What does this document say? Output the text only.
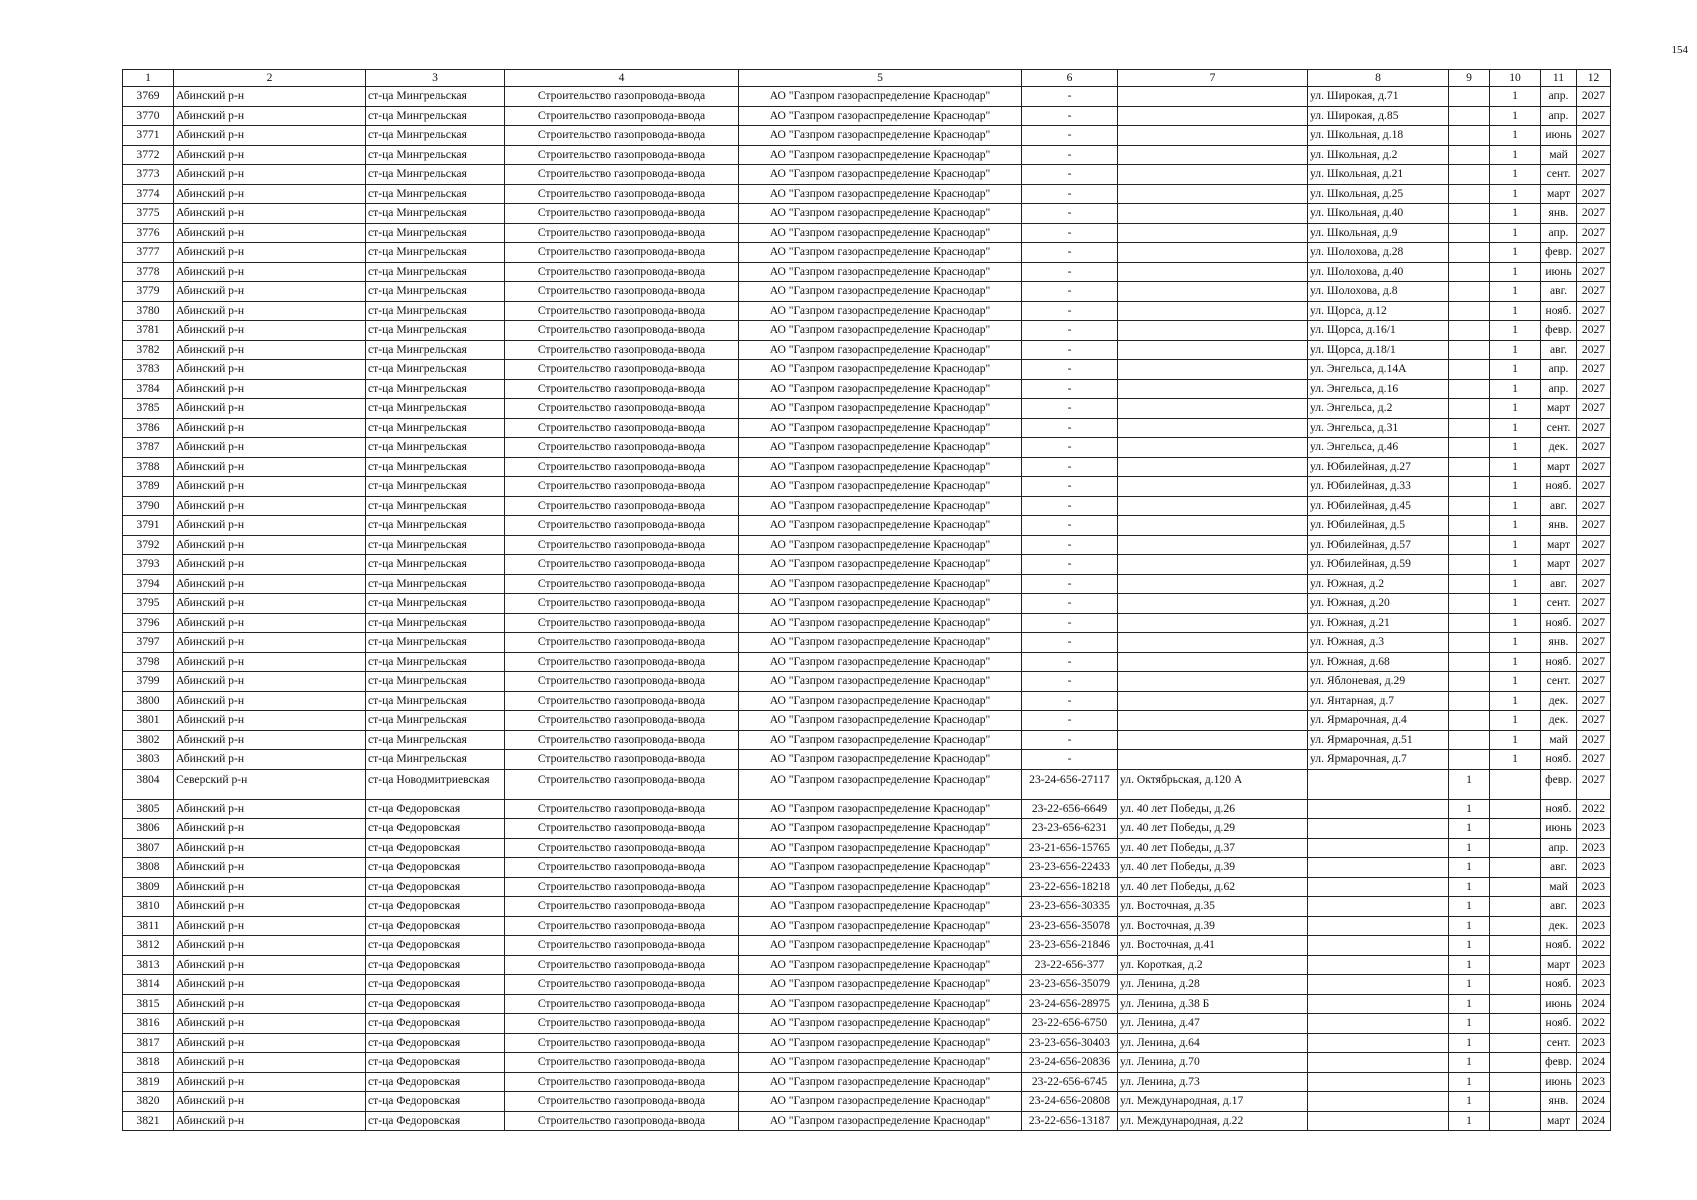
154
1	2	3	4	5	6	7	8	9	10	11	12
3769	Абинский р-н	ст-ца Мингрельская	Строительство газопровода-ввода	АО "Газпром газораспределение Краснодар"	-		ул. Широкая, д.71		1	апр.	2027
3770	Абинский р-н	ст-ца Мингрельская	Строительство газопровода-ввода	АО "Газпром газораспределение Краснодар"	-		ул. Широкая, д.85		1	апр.	2027
3771	Абинский р-н	ст-ца Мингрельская	Строительство газопровода-ввода	АО "Газпром газораспределение Краснодар"	-		ул. Школьная, д.18		1	июнь	2027
3772	Абинский р-н	ст-ца Мингрельская	Строительство газопровода-ввода	АО "Газпром газораспределение Краснодар"	-		ул. Школьная, д.2		1	май	2027
3773	Абинский р-н	ст-ца Мингрельская	Строительство газопровода-ввода	АО "Газпром газораспределение Краснодар"	-		ул. Школьная, д.21		1	сент.	2027
3774	Абинский р-н	ст-ца Мингрельская	Строительство газопровода-ввода	АО "Газпром газораспределение Краснодар"	-		ул. Школьная, д.25		1	март	2027
3775	Абинский р-н	ст-ца Мингрельская	Строительство газопровода-ввода	АО "Газпром газораспределение Краснодар"	-		ул. Школьная, д.40		1	янв.	2027
3776	Абинский р-н	ст-ца Мингрельская	Строительство газопровода-ввода	АО "Газпром газораспределение Краснодар"	-		ул. Школьная, д.9		1	апр.	2027
3777	Абинский р-н	ст-ца Мингрельская	Строительство газопровода-ввода	АО "Газпром газораспределение Краснодар"	-		ул. Шолохова, д.28		1	февр.	2027
3778	Абинский р-н	ст-ца Мингрельская	Строительство газопровода-ввода	АО "Газпром газораспределение Краснодар"	-		ул. Шолохова, д.40		1	июнь	2027
3779	Абинский р-н	ст-ца Мингрельская	Строительство газопровода-ввода	АО "Газпром газораспределение Краснодар"	-		ул. Шолохова, д.8		1	авг.	2027
3780	Абинский р-н	ст-ца Мингрельская	Строительство газопровода-ввода	АО "Газпром газораспределение Краснодар"	-		ул. Щорса, д.12		1	нояб.	2027
3781	Абинский р-н	ст-ца Мингрельская	Строительство газопровода-ввода	АО "Газпром газораспределение Краснодар"	-		ул. Щорса, д.16/1		1	февр.	2027
3782	Абинский р-н	ст-ца Мингрельская	Строительство газопровода-ввода	АО "Газпром газораспределение Краснодар"	-		ул. Щорса, д.18/1		1	авг.	2027
3783	Абинский р-н	ст-ца Мингрельская	Строительство газопровода-ввода	АО "Газпром газораспределение Краснодар"	-		ул. Энгельса, д.14А		1	апр.	2027
3784	Абинский р-н	ст-ца Мингрельская	Строительство газопровода-ввода	АО "Газпром газораспределение Краснодар"	-		ул. Энгельса, д.16		1	апр.	2027
3785	Абинский р-н	ст-ца Мингрельская	Строительство газопровода-ввода	АО "Газпром газораспределение Краснодар"	-		ул. Энгельса, д.2		1	март	2027
3786	Абинский р-н	ст-ца Мингрельская	Строительство газопровода-ввода	АО "Газпром газораспределение Краснодар"	-		ул. Энгельса, д.31		1	сент.	2027
3787	Абинский р-н	ст-ца Мингрельская	Строительство газопровода-ввода	АО "Газпром газораспределение Краснодар"	-		ул. Энгельса, д.46		1	дек.	2027
3788	Абинский р-н	ст-ца Мингрельская	Строительство газопровода-ввода	АО "Газпром газораспределение Краснодар"	-		ул. Юбилейная, д.27		1	март	2027
3789	Абинский р-н	ст-ца Мингрельская	Строительство газопровода-ввода	АО "Газпром газораспределение Краснодар"	-		ул. Юбилейная, д.33		1	нояб.	2027
3790	Абинский р-н	ст-ца Мингрельская	Строительство газопровода-ввода	АО "Газпром газораспределение Краснодар"	-		ул. Юбилейная, д.45		1	авг.	2027
3791	Абинский р-н	ст-ца Мингрельская	Строительство газопровода-ввода	АО "Газпром газораспределение Краснодар"	-		ул. Юбилейная, д.5		1	янв.	2027
3792	Абинский р-н	ст-ца Мингрельская	Строительство газопровода-ввода	АО "Газпром газораспределение Краснодар"	-		ул. Юбилейная, д.57		1	март	2027
3793	Абинский р-н	ст-ца Мингрельская	Строительство газопровода-ввода	АО "Газпром газораспределение Краснодар"	-		ул. Юбилейная, д.59		1	март	2027
3794	Абинский р-н	ст-ца Мингрельская	Строительство газопровода-ввода	АО "Газпром газораспределение Краснодар"	-		ул. Южная, д.2		1	авг.	2027
3795	Абинский р-н	ст-ца Мингрельская	Строительство газопровода-ввода	АО "Газпром газораспределение Краснодар"	-		ул. Южная, д.20		1	сент.	2027
3796	Абинский р-н	ст-ца Мингрельская	Строительство газопровода-ввода	АО "Газпром газораспределение Краснодар"	-		ул. Южная, д.21		1	нояб.	2027
3797	Абинский р-н	ст-ца Мингрельская	Строительство газопровода-ввода	АО "Газпром газораспределение Краснодар"	-		ул. Южная, д.3		1	янв.	2027
3798	Абинский р-н	ст-ца Мингрельская	Строительство газопровода-ввода	АО "Газпром газораспределение Краснодар"	-		ул. Южная, д.68		1	нояб.	2027
3799	Абинский р-н	ст-ца Мингрельская	Строительство газопровода-ввода	АО "Газпром газораспределение Краснодар"	-		ул. Яблоневая, д.29		1	сент.	2027
3800	Абинский р-н	ст-ца Мингрельская	Строительство газопровода-ввода	АО "Газпром газораспределение Краснодар"	-		ул. Янтарная, д.7		1	дек.	2027
3801	Абинский р-н	ст-ца Мингрельская	Строительство газопровода-ввода	АО "Газпром газораспределение Краснодар"	-		ул. Ярмарочная, д.4		1	дек.	2027
3802	Абинский р-н	ст-ца Мингрельская	Строительство газопровода-ввода	АО "Газпром газораспределение Краснодар"	-		ул. Ярмарочная, д.51		1	май	2027
3803	Абинский р-н	ст-ца Мингрельская	Строительство газопровода-ввода	АО "Газпром газораспределение Краснодар"	-		ул. Ярмарочная, д.7		1	нояб.	2027
3804	Северский р-н	ст-ца Новодмитриевская	Строительство газопровода-ввода	АО "Газпром газораспределение Краснодар"	23-24-656-27117	ул. Октябрьская, д.120 А		1		февр.	2027
3805	Абинский р-н	ст-ца Федоровская	Строительство газопровода-ввода	АО "Газпром газораспределение Краснодар"	23-22-656-6649	ул. 40 лет Победы, д.26		1		нояб.	2022
3806	Абинский р-н	ст-ца Федоровская	Строительство газопровода-ввода	АО "Газпром газораспределение Краснодар"	23-23-656-6231	ул. 40 лет Победы, д.29		1		июнь	2023
3807	Абинский р-н	ст-ца Федоровская	Строительство газопровода-ввода	АО "Газпром газораспределение Краснодар"	23-21-656-15765	ул. 40 лет Победы, д.37		1		апр.	2023
3808	Абинский р-н	ст-ца Федоровская	Строительство газопровода-ввода	АО "Газпром газораспределение Краснодар"	23-23-656-22433	ул. 40 лет Победы, д.39		1		авг.	2023
3809	Абинский р-н	ст-ца Федоровская	Строительство газопровода-ввода	АО "Газпром газораспределение Краснодар"	23-22-656-18218	ул. 40 лет Победы, д.62		1		май	2023
3810	Абинский р-н	ст-ца Федоровская	Строительство газопровода-ввода	АО "Газпром газораспределение Краснодар"	23-23-656-30335	ул. Восточная, д.35		1		авг.	2023
3811	Абинский р-н	ст-ца Федоровская	Строительство газопровода-ввода	АО "Газпром газораспределение Краснодар"	23-23-656-35078	ул. Восточная, д.39		1		дек.	2023
3812	Абинский р-н	ст-ца Федоровская	Строительство газопровода-ввода	АО "Газпром газораспределение Краснодар"	23-23-656-21846	ул. Восточная, д.41		1		нояб.	2022
3813	Абинский р-н	ст-ца Федоровская	Строительство газопровода-ввода	АО "Газпром газораспределение Краснодар"	23-22-656-377	ул. Короткая, д.2		1		март	2023
3814	Абинский р-н	ст-ца Федоровская	Строительство газопровода-ввода	АО "Газпром газораспределение Краснодар"	23-23-656-35079	ул. Ленина, д.28		1		нояб.	2023
3815	Абинский р-н	ст-ца Федоровская	Строительство газопровода-ввода	АО "Газпром газораспределение Краснодар"	23-24-656-28975	ул. Ленина, д.38 Б		1		июнь	2024
3816	Абинский р-н	ст-ца Федоровская	Строительство газопровода-ввода	АО "Газпром газораспределение Краснодар"	23-22-656-6750	ул. Ленина, д.47		1		нояб.	2022
3817	Абинский р-н	ст-ца Федоровская	Строительство газопровода-ввода	АО "Газпром газораспределение Краснодар"	23-23-656-30403	ул. Ленина, д.64		1		сент.	2023
3818	Абинский р-н	ст-ца Федоровская	Строительство газопровода-ввода	АО "Газпром газораспределение Краснодар"	23-24-656-20836	ул. Ленина, д.70		1		февр.	2024
3819	Абинский р-н	ст-ца Федоровская	Строительство газопровода-ввода	АО "Газпром газораспределение Краснодар"	23-22-656-6745	ул. Ленина, д.73		1		июнь	2023
3820	Абинский р-н	ст-ца Федоровская	Строительство газопровода-ввода	АО "Газпром газораспределение Краснодар"	23-24-656-20808	ул. Международная, д.17		1		янв.	2024
3821	Абинский р-н	ст-ца Федоровская	Строительство газопровода-ввода	АО "Газпром газораспределение Краснодар"	23-22-656-13187	ул. Международная, д.22		1		март	2024
